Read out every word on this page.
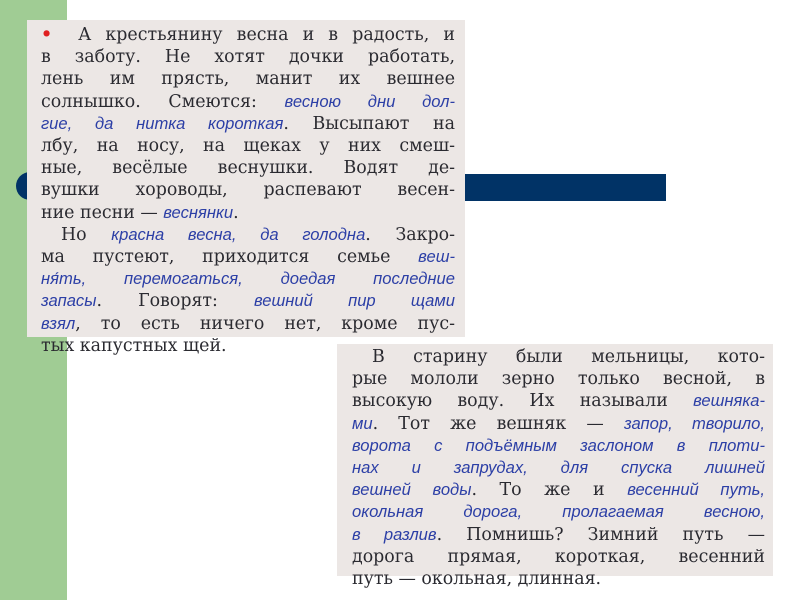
• А крестьянину весна и в радость, и
в заботу. Не хотят дочки работать,
лень им прясть, манит их вешнее
солнышко. Смеются: весною дни дол-
гие, да нитка короткая. Высыпают на
лбу, на носу, на щеках у них смеш-
ные, весёлые веснушки. Водят де-
вушки хороводы, распевают весен-
ние песни — веснянки.
Но красна весна, да голодна. Закро-
ма пустеют, приходится семье веш-
ня́ть, перемогаться, доедая последние
запасы. Говорят: вешний пир щами
взял, то есть ничего нет, кроме пус-
тых капустных щей.
В старину были мельницы, кото-
рые мололи зерно только весной, в
высокую воду. Их называли вешняка-
ми. Тот же вешняк — запор, творило,
ворота с подъёмным заслоном в плоти-
нах и запрудах, для спуска лишней
вешней воды. То же и весенний путь,
окольная дорога, пролагаемая весною,
в разлив. Помнишь? Зимний путь —
дорога прямая, короткая, весенний
путь — окольная, длинная.
